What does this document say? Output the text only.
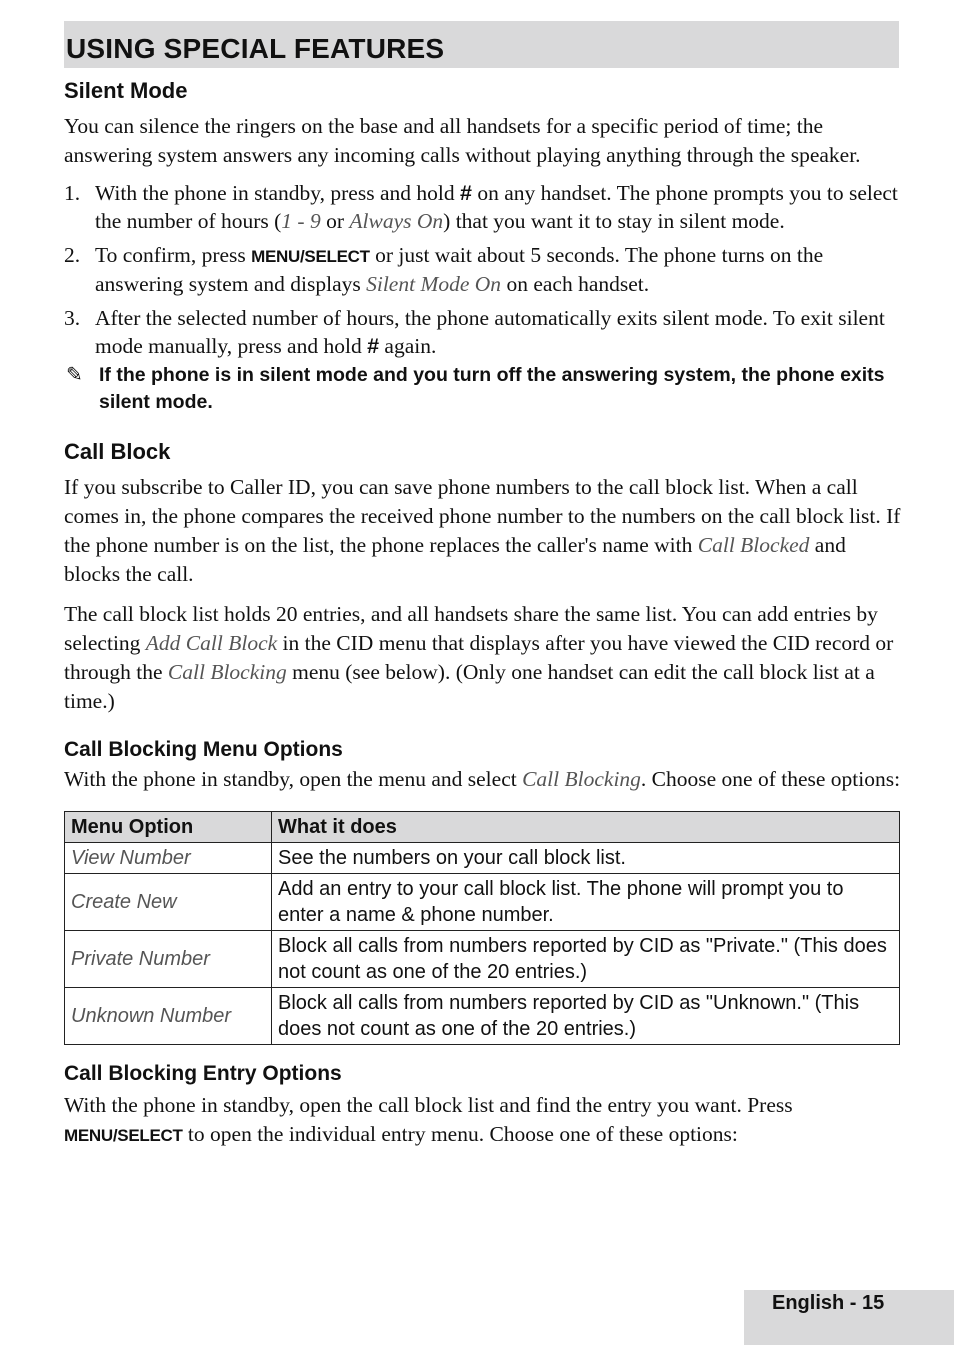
USING SPECIAL FEATURES
Silent Mode

You can silence the ringers on the base and all handsets for a specific period of time; the answering system answers any incoming calls without playing anything through the speaker.

1. With the phone in standby, press and hold # on any handset. The phone prompts you to select the number of hours (1 - 9 or Always On) that you want it to stay in silent mode.
2. To confirm, press MENU/SELECT or just wait about 5 seconds. The phone turns on the answering system and displays Silent Mode On on each handset.
3. After the selected number of hours, the phone automatically exits silent mode. To exit silent mode manually, press and hold # again.
✎ If the phone is in silent mode and you turn off the answering system, the phone exits silent mode.
Call Block

If you subscribe to Caller ID, you can save phone numbers to the call block list. When a call comes in, the phone compares the received phone number to the numbers on the call block list. If the phone number is on the list, the phone replaces the caller's name with Call Blocked and blocks the call.

The call block list holds 20 entries, and all handsets share the same list. You can add entries by selecting Add Call Block in the CID menu that displays after you have viewed the CID record or through the Call Blocking menu (see below). (Only one handset can edit the call block list at a time.)

Call Blocking Menu Options

With the phone in standby, open the menu and select Call Blocking. Choose one of these options:

Menu Option	What it does
View Number	See the numbers on your call block list.
Create New	Add an entry to your call block list. The phone will prompt you to enter a name & phone number.
Private Number	Block all calls from numbers reported by CID as "Private." (This does not count as one of the 20 entries.)
Unknown Number	Block all calls from numbers reported by CID as "Unknown." (This does not count as one of the 20 entries.)
Call Blocking Entry Options

With the phone in standby, open the call block list and find the entry you want. Press MENU/SELECT to open the individual entry menu. Choose one of these options:

English - 15
